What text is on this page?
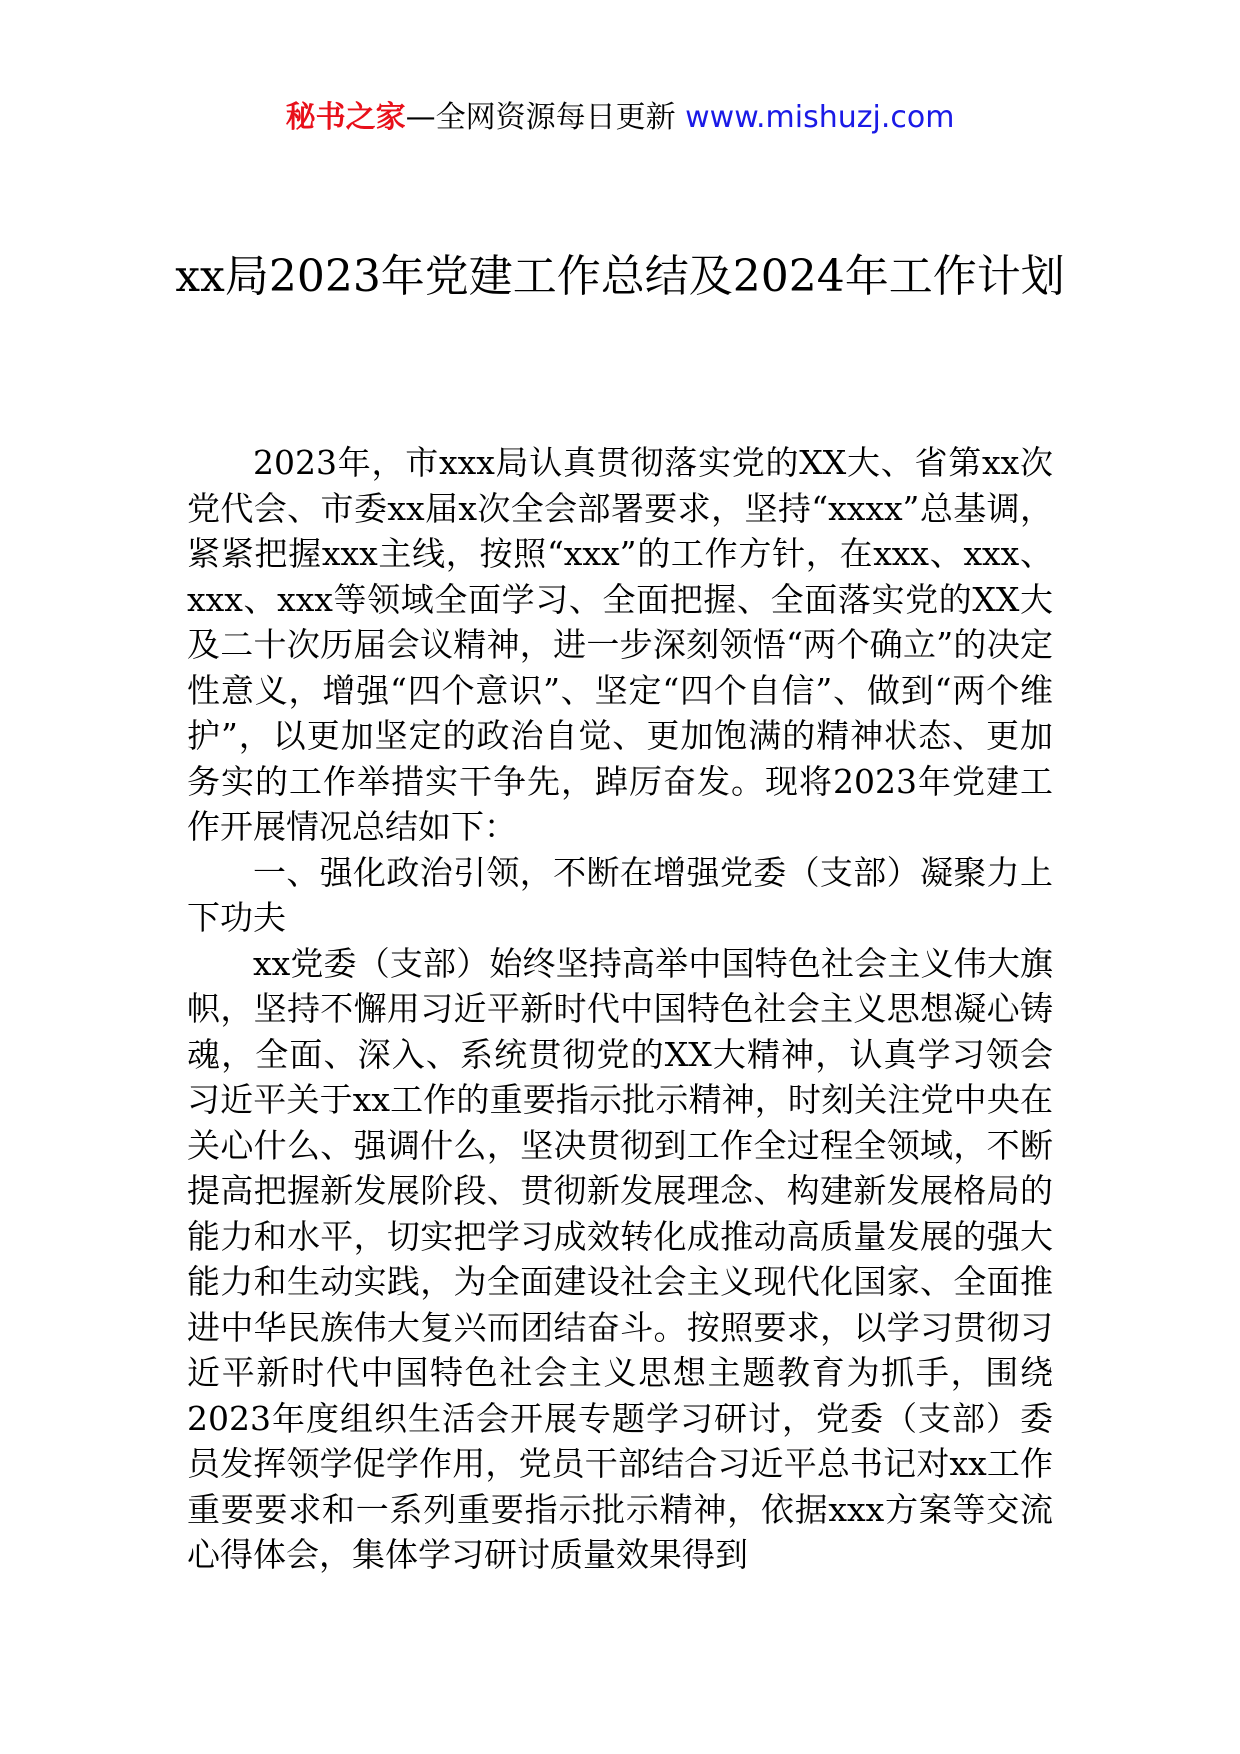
秘书之家—全网资源每日更新 www.mishuzj.com
xx局2023年党建工作总结及2024年工作计划

2023年，市xxx局认真贯彻落实党的XX大、省第xx次党代会、市委xx届x次全会部署要求，坚持“xxxx”总基调，紧紧把握xxx主线，按照“xxx”的工作方针，在xxx、xxx、xxx、xxx等领域全面学习、全面把握、全面落实党的XX大及二十次历届会议精神，进一步深刻领悟“两个确立”的决定性意义，增强“四个意识”、坚定“四个自信”、做到“两个维护”，以更加坚定的政治自觉、更加饱满的精神状态、更加务实的工作举措实干争先，踔厉奋发。现将2023年党建工作开展情况总结如下：

一、强化政治引领，不断在增强党委（支部）凝聚力上下功夫

xx党委（支部）始终坚持高举中国特色社会主义伟大旗帜，坚持不懈用习近平新时代中国特色社会主义思想凝心铸魂，全面、深入、系统贯彻党的XX大精神，认真学习领会习近平关于xx工作的重要指示批示精神，时刻关注党中央在关心什么、强调什么，坚决贯彻到工作全过程全领域，不断提高把握新发展阶段、贯彻新发展理念、构建新发展格局的能力和水平，切实把学习成效转化成推动高质量发展的强大能力和生动实践，为全面建设社会主义现代化国家、全面推进中华民族伟大复兴而团结奋斗。按照要求，以学习贯彻习近平新时代中国特色社会主义思想主题教育为抓手，围绕2023年度组织生活会开展专题学习研讨，党委（支部）委员发挥领学促学作用，党员干部结合习近平总书记对xx工作重要要求和一系列重要指示批示精神，依据xxx方案等交流心得体会，集体学习研讨质量效果得到
